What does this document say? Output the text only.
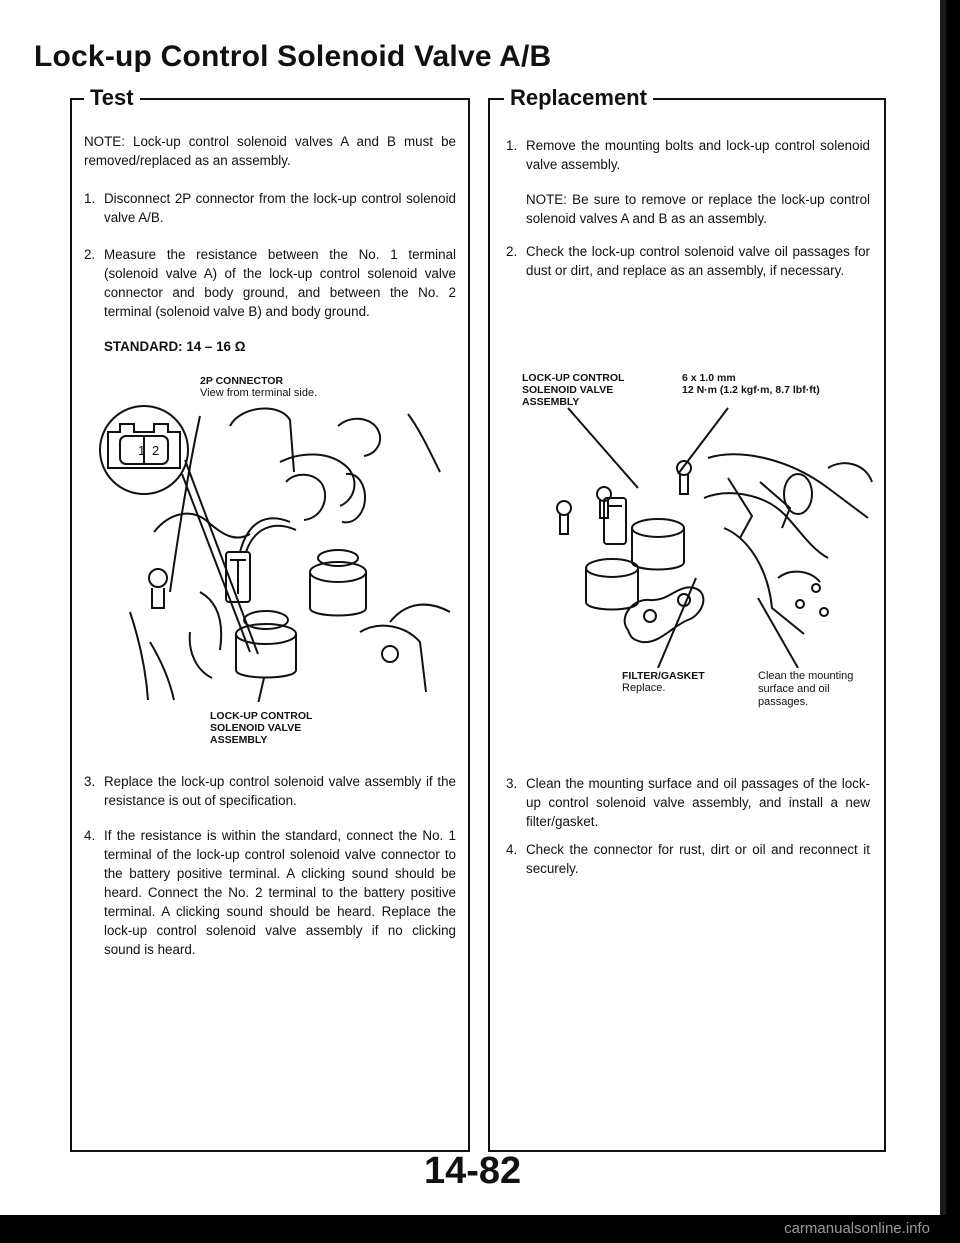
Lock-up Control Solenoid Valve A/B
Test
NOTE: Lock-up control solenoid valves A and B must be removed/replaced as an assembly.
1. Disconnect 2P connector from the lock-up control solenoid valve A/B.
2. Measure the resistance between the No. 1 terminal (solenoid valve A) of the lock-up control solenoid valve connector and body ground, and between the No. 2 terminal (solenoid valve B) and body ground.
STANDARD: 14 – 16 Ω
2P CONNECTOR
View from terminal side.
1 2
LOCK-UP CONTROL SOLENOID VALVE ASSEMBLY
3. Replace the lock-up control solenoid valve assembly if the resistance is out of specification.
4. If the resistance is within the standard, connect the No. 1 terminal of the lock-up control solenoid valve connector to the battery positive terminal. A clicking sound should be heard. Connect the No. 2 terminal to the battery positive terminal. A clicking sound should be heard. Replace the lock-up control solenoid valve assembly if no clicking sound is heard.
Replacement
1. Remove the mounting bolts and lock-up control solenoid valve assembly.
NOTE: Be sure to remove or replace the lock-up control solenoid valves A and B as an assembly.
2. Check the lock-up control solenoid valve oil passages for dust or dirt, and replace as an assembly, if necessary.
LOCK-UP CONTROL SOLENOID VALVE ASSEMBLY
6 x 1.0 mm
12 N·m (1.2 kgf·m, 8.7 lbf·ft)
FILTER/GASKET
Replace.
Clean the mounting surface and oil passages.
3. Clean the mounting surface and oil passages of the lock-up control solenoid valve assembly, and install a new filter/gasket.
4. Check the connector for rust, dirt or oil and reconnect it securely.
14-82
carmanualsonline.info
